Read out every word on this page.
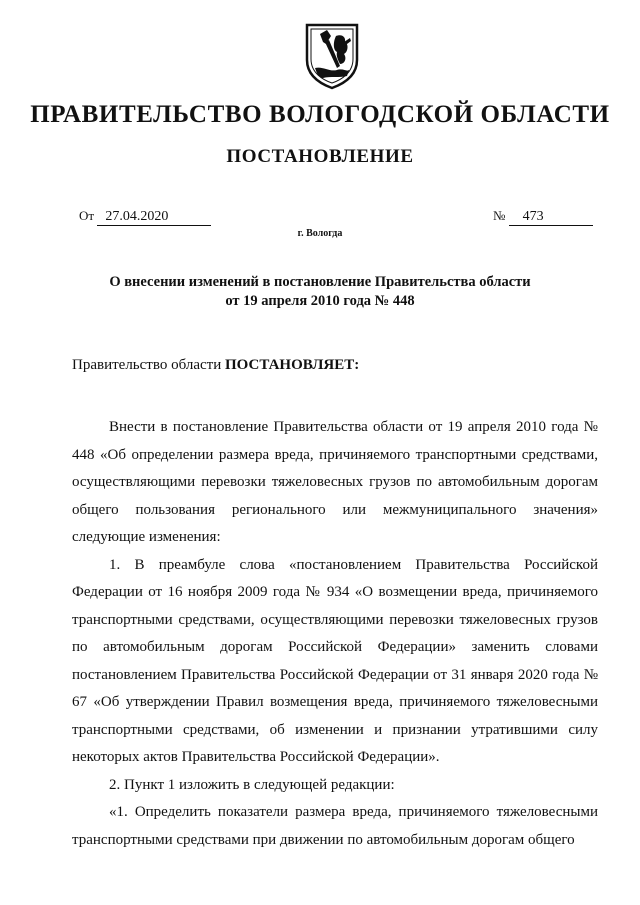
ПРАВИТЕЛЬСТВО ВОЛОГОДСКОЙ ОБЛАСТИ
ПОСТАНОВЛЕНИЕ
От 27.04.2020	№ 473
г. Вологда
О внесении изменений в постановление Правительства области
от 19 апреля 2010 года № 448
Правительство области ПОСТАНОВЛЯЕТ:

Внести в постановление Правительства области от 19 апреля 2010 года № 448 «Об определении размера вреда, причиняемого транспортными средствами, осуществляющими перевозки тяжеловесных грузов по автомобильным дорогам общего пользования регионального или межмуниципального значения» следующие изменения:

1. В преамбуле слова «постановлением Правительства Российской Федерации от 16 ноября 2009 года № 934 «О возмещении вреда, причиняемого транспортными средствами, осуществляющими перевозки тяжеловесных грузов по автомобильным дорогам Российской Федерации» заменить словами постановлением Правительства Российской Федерации от 31 января 2020 года № 67 «Об утверждении Правил возмещения вреда, причиняемого тяжеловесными транспортными средствами, об изменении и признании утратившими силу некоторых актов Правительства Российской Федерации».

2. Пункт 1 изложить в следующей редакции:

«1. Определить показатели размера вреда, причиняемого тяжеловесными транспортными средствами при движении по автомобильным дорогам общего
